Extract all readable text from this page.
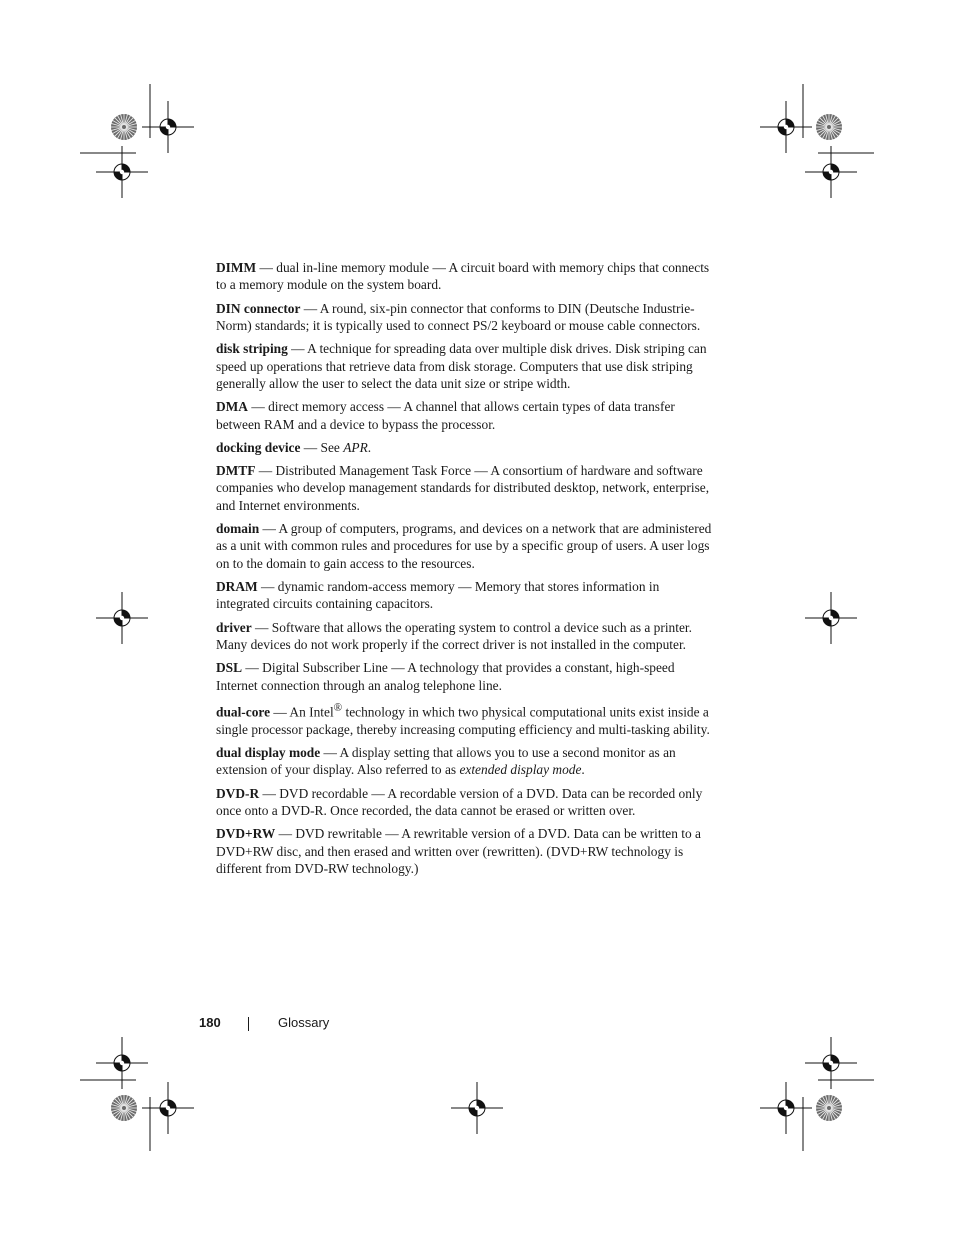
DIMM — dual in-line memory module — A circuit board with memory chips that connects to a memory module on the system board.

DIN connector — A round, six-pin connector that conforms to DIN (Deutsche Industrie-Norm) standards; it is typically used to connect PS/2 keyboard or mouse cable connectors.

disk striping — A technique for spreading data over multiple disk drives. Disk striping can speed up operations that retrieve data from disk storage. Computers that use disk striping generally allow the user to select the data unit size or stripe width.

DMA — direct memory access — A channel that allows certain types of data transfer between RAM and a device to bypass the processor.

docking device — See APR.

DMTF — Distributed Management Task Force — A consortium of hardware and software companies who develop management standards for distributed desktop, network, enterprise, and Internet environments.

domain — A group of computers, programs, and devices on a network that are administered as a unit with common rules and procedures for use by a specific group of users. A user logs on to the domain to gain access to the resources.

DRAM — dynamic random-access memory — Memory that stores information in integrated circuits containing capacitors.

driver — Software that allows the operating system to control a device such as a printer. Many devices do not work properly if the correct driver is not installed in the computer.

DSL — Digital Subscriber Line — A technology that provides a constant, high-speed Internet connection through an analog telephone line.

dual-core — An Intel® technology in which two physical computational units exist inside a single processor package, thereby increasing computing efficiency and multi-tasking ability.

dual display mode — A display setting that allows you to use a second monitor as an extension of your display. Also referred to as extended display mode.

DVD-R — DVD recordable — A recordable version of a DVD. Data can be recorded only once onto a DVD-R. Once recorded, the data cannot be erased or written over.

DVD+RW — DVD rewritable — A rewritable version of a DVD. Data can be written to a DVD+RW disc, and then erased and written over (rewritten). (DVD+RW technology is different from DVD-RW technology.)

180	Glossary
